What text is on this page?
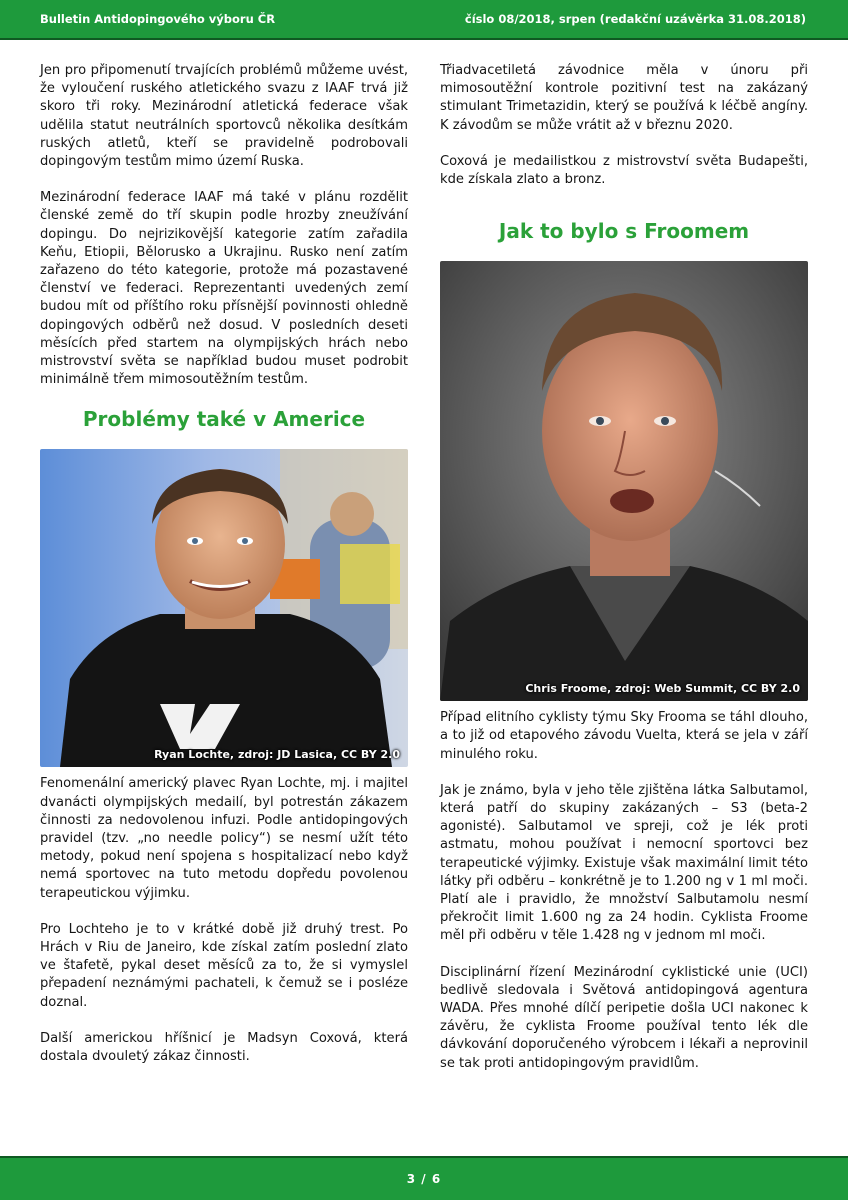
Bulletin Antidopingového výboru ČR	číslo 08/2018, srpen (redakční uzávěrka 31.08.2018)

Jen pro připomenutí trvajících problémů můžeme uvést, že vyloučení ruského atletického svazu z IAAF trvá již skoro tři roky. Mezinárodní atletická federace však udělila statut neutrálních sportovců několika desítkám ruských atletů, kteří se pravidelně podrobovali dopingovým testům mimo území Ruska.

Mezinárodní federace IAAF má také v plánu rozdělit členské země do tří skupin podle hrozby zneužívání dopingu. Do nejrizikovější kategorie zatím zařadila Keňu, Etiopii, Bělorusko a Ukrajinu. Rusko není zatím zařazeno do této kategorie, protože má pozastavené členství ve federaci. Reprezentanti uvedených zemí budou mít od příštího roku přísnější povinnosti ohledně dopingových odběrů než dosud. V posledních deseti měsících před startem na olympijských hrách nebo mistrovství světa se například budou muset podrobit minimálně třem mimosoutěžním testům.

Problémy také v Americe
Ryan Lochte, zdroj: JD Lasica, CC BY 2.0

Fenomenální americký plavec Ryan Lochte, mj. i majitel dvanácti olympijských medailí, byl potrestán zákazem činnosti za nedovolenou infuzi. Podle antidopingových pravidel (tzv. „no needle policy“) se nesmí užít této metody, pokud není spojena s hospitalizací nebo když nemá sportovec na tuto metodu dopředu povolenou terapeutickou výjimku.

Pro Lochteho je to v krátké době již druhý trest. Po Hrách v Riu de Janeiro, kde získal zatím poslední zlato ve štafetě, pykal deset měsíců za to, že si vymyslel přepadení neznámými pachateli, k čemuž se i posléze doznal.

Další americkou hříšnicí je Madsyn Coxová, která dostala dvouletý zákaz činnosti.

Třiadvacetiletá závodnice měla v únoru při mimosoutěžní kontrole pozitivní test na zakázaný stimulant Trimetazidin, který se používá k léčbě angíny. K závodům se může vrátit až v březnu 2020.

Coxová je medailistkou z mistrovství světa Budapešti, kde získala zlato a bronz.

Jak to bylo s Froomem
Chris Froome, zdroj: Web Summit, CC BY 2.0

Případ elitního cyklisty týmu Sky Frooma se táhl dlouho, a to již od etapového závodu Vuelta, která se jela v září minulého roku.

Jak je známo, byla v jeho těle zjištěna látka Salbutamol, která patří do skupiny zakázaných – S3 (beta-2 agonisté). Salbutamol ve spreji, což je lék proti astmatu, mohou používat i nemocní sportovci bez terapeutické výjimky. Existuje však maximální limit této látky při odběru – konkrétně je to 1.200 ng v 1 ml moči. Platí ale i pravidlo, že množství Salbutamolu nesmí překročit limit 1.600 ng za 24 hodin. Cyklista Froome měl při odběru v těle 1.428 ng v jednom ml moči.

Disciplinární řízení Mezinárodní cyklistické unie (UCI) bedlivě sledovala i Světová antidopingová agentura WADA. Přes mnohé dílčí peripetie došla UCI nakonec k závěru, že cyklista Froome používal tento lék dle dávkování doporučeného výrobcem i lékaři a neprovinil se tak proti antidopingovým pravidlům.

3 / 6
